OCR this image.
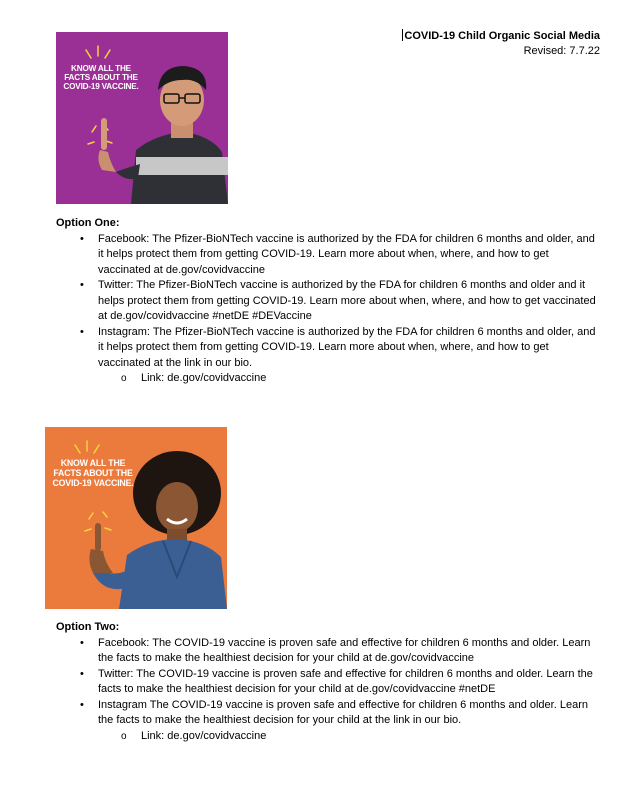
COVID-19 Child Organic Social Media
Revised: 7.7.22
KNOW ALL THE FACTS ABOUT THE COVID-19 VACCINE.
Option One:
• Facebook: The Pfizer-BioNTech vaccine is authorized by the FDA for children 6 months and older, and it helps protect them from getting COVID-19. Learn more about when, where, and how to get vaccinated at de.gov/covidvaccine
• Twitter: The Pfizer-BioNTech vaccine is authorized by the FDA for children 6 months and older and it helps protect them from getting COVID-19. Learn more about when, where, and how to get vaccinated at de.gov/covidvaccine #netDE #DEVaccine
• Instagram: The Pfizer-BioNTech vaccine is authorized by the FDA for children 6 months and older, and it helps protect them from getting COVID-19. Learn more about when, where, and how to get vaccinated at the link in our bio.
o Link: de.gov/covidvaccine
KNOW ALL THE FACTS ABOUT THE COVID-19 VACCINE.
Option Two:
• Facebook: The COVID-19 vaccine is proven safe and effective for children 6 months and older. Learn the facts to make the healthiest decision for your child at de.gov/covidvaccine
• Twitter: The COVID-19 vaccine is proven safe and effective for children 6 months and older. Learn the facts to make the healthiest decision for your child at de.gov/covidvaccine #netDE
• Instagram The COVID-19 vaccine is proven safe and effective for children 6 months and older. Learn the facts to make the healthiest decision for your child at the link in our bio.
o Link: de.gov/covidvaccine
